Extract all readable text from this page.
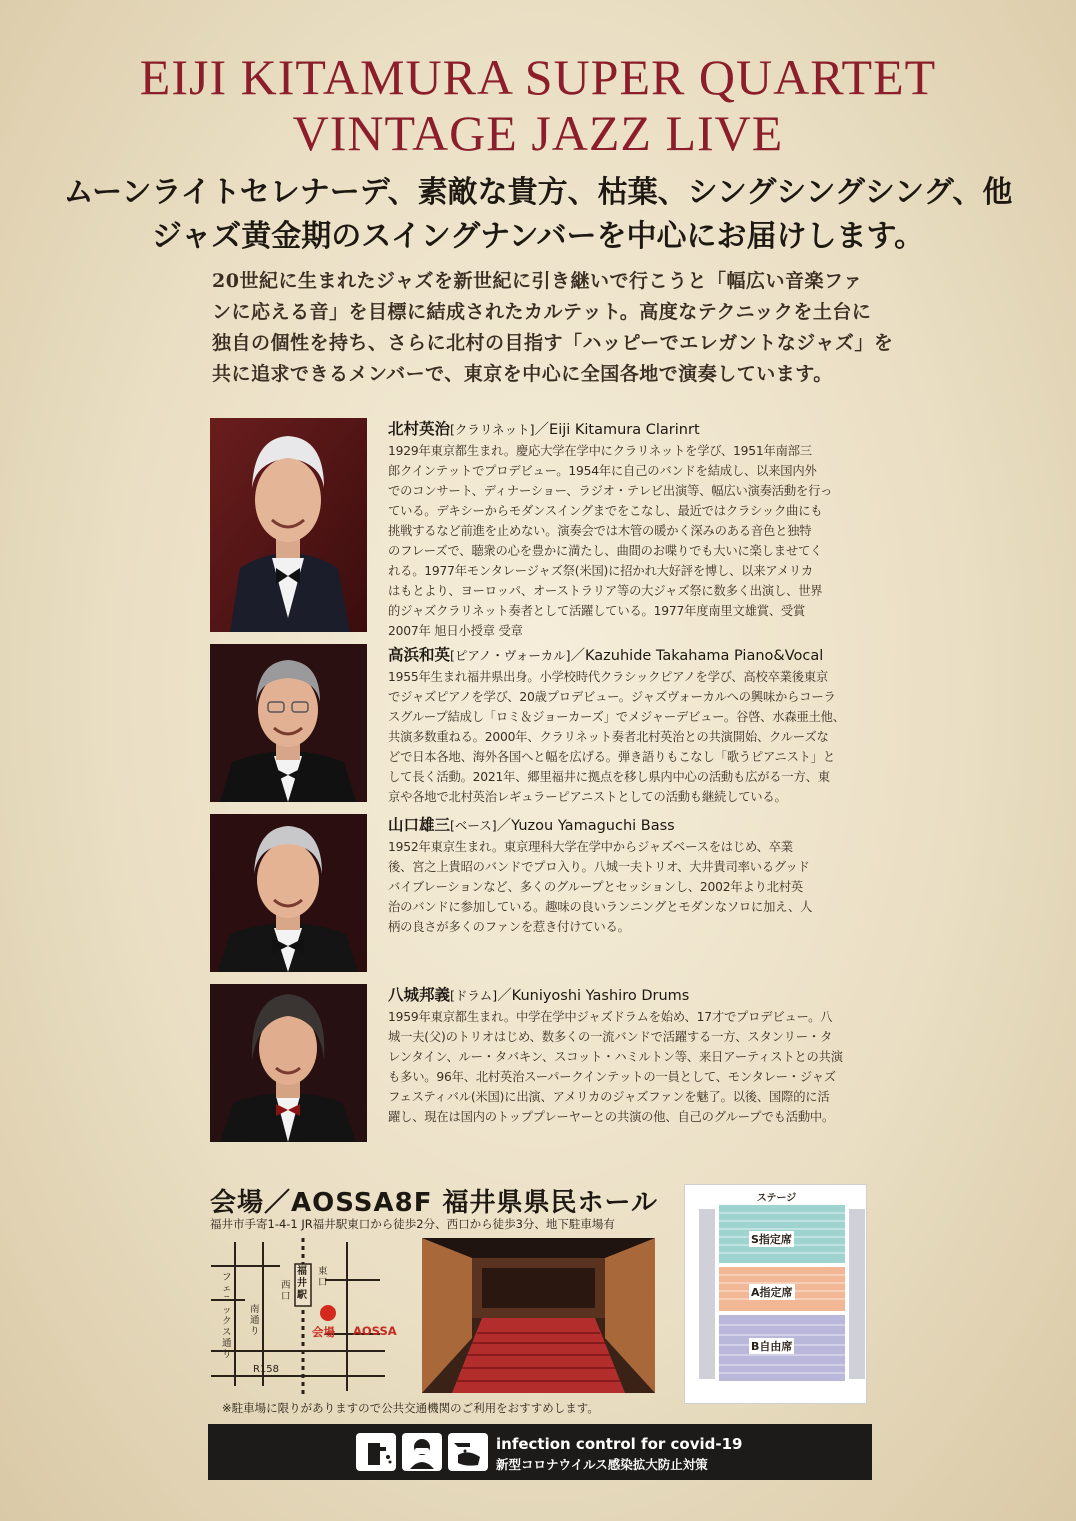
EIJI KITAMURA SUPER QUARTET
VINTAGE JAZZ LIVE
ムーンライトセレナーデ、素敵な貴方、枯葉、シングシングシング、他
ジャズ黄金期のスイングナンバーを中心にお届けします。

20世紀に生まれたジャズを新世紀に引き継いで行こうと「幅広い音楽ファ

ンに応える音」を目標に結成されたカルテット。高度なテクニックを土台に

独自の個性を持ち、さらに北村の目指す「ハッピーでエレガントなジャズ」を

共に追求できるメンバーで、東京を中心に全国各地で演奏しています。

北村英治[クラリネット]／Eiji Kitamura Clarinrt

1929年東京都生まれ。慶応大学在学中にクラリネットを学び、1951年南部三

郎クインテットでプロデビュー。1954年に自己のバンドを結成し、以来国内外

でのコンサート、ディナーショー、ラジオ・テレビ出演等、幅広い演奏活動を行っ

ている。デキシーからモダンスイングまでをこなし、最近ではクラシック曲にも

挑戦するなど前進を止めない。演奏会では木管の暖かく深みのある音色と独特

のフレーズで、聴衆の心を豊かに満たし、曲間のお喋りでも大いに楽しませてく

れる。1977年モンタレージャズ祭(米国)に招かれ大好評を博し、以来アメリカ

はもとより、ヨーロッパ、オーストラリア等の大ジャズ祭に数多く出演し、世界

的ジャズクラリネット奏者として活躍している。1977年度南里文雄賞、受賞

2007年 旭日小授章 受章

高浜和英[ピアノ・ヴォーカル]／Kazuhide Takahama Piano&Vocal

1955年生まれ福井県出身。小学校時代クラシックピアノを学び、高校卒業後東京

でジャズピアノを学び、20歳プロデビュー。ジャズヴォーカルへの興味からコーラ

スグループ結成し「ロミ＆ジョーカーズ」でメジャーデビュー。谷啓、水森亜土他、

共演多数重ねる。2000年、クラリネット奏者北村英治との共演開始、クルーズな

どで日本各地、海外各国へと幅を広げる。弾き語りもこなし「歌うピアニスト」と

して長く活動。2021年、郷里福井に拠点を移し県内中心の活動も広がる一方、東

京や各地で北村英治レギュラーピアニストとしての活動も継続している。

山口雄三[ベース]／Yuzou Yamaguchi Bass

1952年東京生まれ。東京理科大学在学中からジャズベースをはじめ、卒業

後、宮之上貴昭のバンドでプロ入り。八城一夫トリオ、大井貴司率いるグッド

バイブレーションなど、多くのグループとセッションし、2002年より北村英

治のバンドに参加している。趣味の良いランニングとモダンなソロに加え、人

柄の良さが多くのファンを惹き付けている。

八城邦義[ドラム]／Kuniyoshi Yashiro Drums

1959年東京都生まれ。中学在学中ジャズドラムを始め、17才でプロデビュー。八

城一夫(父)のトリオはじめ、数多くの一流バンドで活躍する一方、スタンリー・タ

レンタイン、ルー・タバキン、スコット・ハミルトン等、来日アーティストとの共演

も多い。96年、北村英治スーパークインテットの一員として、モンタレー・ジャズ

フェスティバル(米国)に出演、アメリカのジャズファンを魅了。以後、国際的に活

躍し、現在は国内のトッププレーヤーとの共演の他、自己のグループでも活動中。

会場／AOSSA8F 福井県県民ホール
福井市手寄1-4-1 JR福井駅東口から徒歩2分、西口から徒歩3分、地下駐車場有
福井駅
西口
東口
南通り
フェニックス通り
R158
会場 AOSSA
ステージ
S指定席
A指定席
B自由席
※駐車場に限りがありますので公共交通機関のご利用をおすすめします。
infection control for covid-19
新型コロナウイルス感染拡大防止対策
